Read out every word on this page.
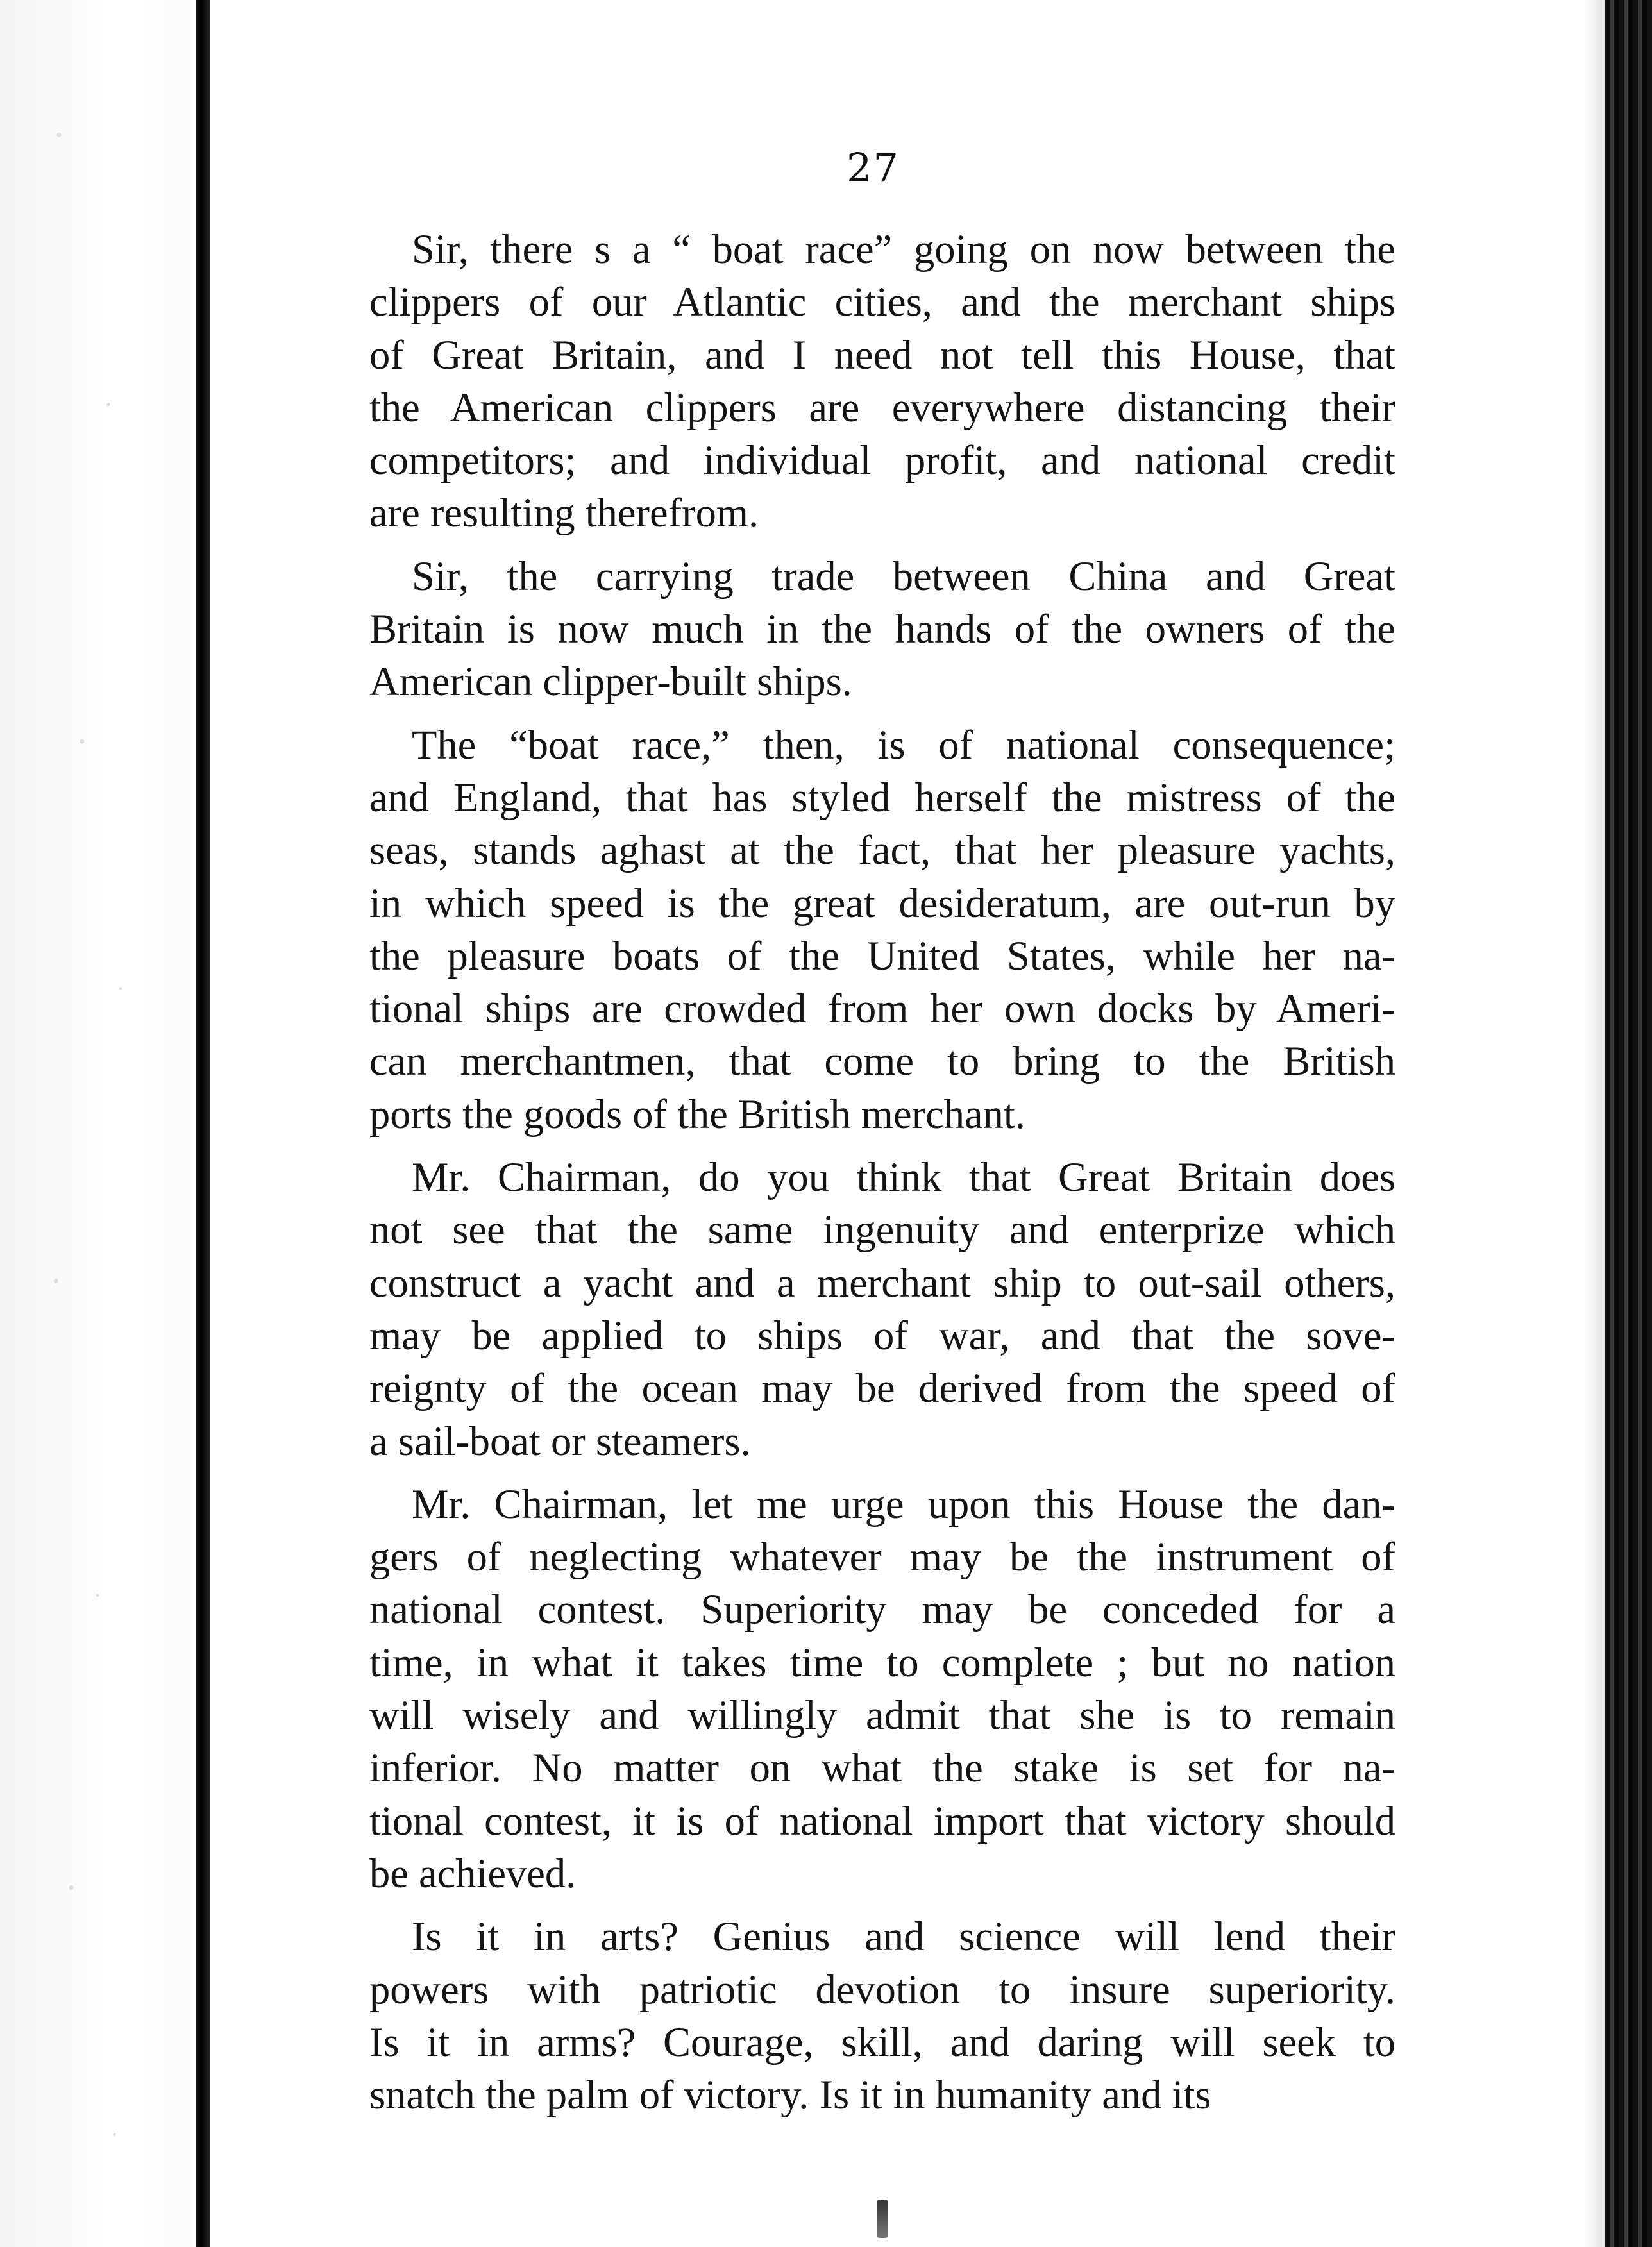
27
Sir, there s a “ boat race” going on now between the
clippers of our Atlantic cities, and the merchant ships
of Great Britain, and I need not tell this House, that
the American clippers are everywhere distancing their
competitors; and individual profit, and national credit
are resulting therefrom.
Sir, the carrying trade between China and Great
Britain is now much in the hands of the owners of the
American clipper-built ships.
The “boat race,” then, is of national consequence;
and England, that has styled herself the mistress of the
seas, stands aghast at the fact, that her pleasure yachts,
in which speed is the great desideratum, are out-run by
the pleasure boats of the United States, while her na-
tional ships are crowded from her own docks by Ameri-
can merchantmen, that come to bring to the British
ports the goods of the British merchant.
Mr. Chairman, do you think that Great Britain does
not see that the same ingenuity and enterprize which
construct a yacht and a merchant ship to out-sail others,
may be applied to ships of war, and that the sove-
reignty of the ocean may be derived from the speed of
a sail-boat or steamers.
Mr. Chairman, let me urge upon this House the dan-
gers of neglecting whatever may be the instrument of
national contest. Superiority may be conceded for a
time, in what it takes time to complete ; but no nation
will wisely and willingly admit that she is to remain
inferior. No matter on what the stake is set for na-
tional contest, it is of national import that victory should
be achieved.
Is it in arts? Genius and science will lend their
powers with patriotic devotion to insure superiority.
Is it in arms? Courage, skill, and daring will seek to
snatch the palm of victory. Is it in humanity and its
